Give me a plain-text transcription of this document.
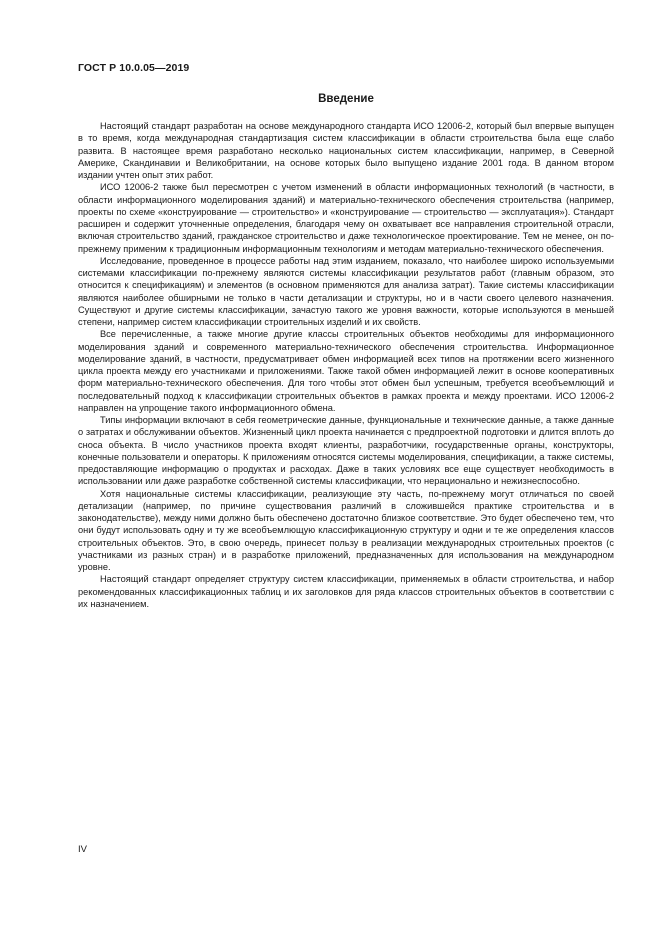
ГОСТ Р 10.0.05—2019
Введение

Настоящий стандарт разработан на основе международного стандарта ИСО 12006-2, который был впервые выпущен в то время, когда международная стандартизация систем классификации в области строительства была еще слабо развита. В настоящее время разработано несколько национальных систем классификации, например, в Северной Америке, Скандинавии и Великобритании, на основе которых было выпущено издание 2001 года. В данном втором издании учтен опыт этих работ.

ИСО 12006-2 также был пересмотрен с учетом изменений в области информационных технологий (в частности, в области информационного моделирования зданий) и материально-технического обеспечения строительства (например, проекты по схеме «конструирование — строительство» и «конструирование — строительство — эксплуатация»). Стандарт расширен и содержит уточненные определения, благодаря чему он охватывает все направления строительной отрасли, включая строительство зданий, гражданское строительство и даже технологическое проектирование. Тем не менее, он по-прежнему применим к традиционным информационным технологиям и методам материально-технического обеспечения.

Исследование, проведенное в процессе работы над этим изданием, показало, что наиболее широко используемыми системами классификации по-прежнему являются системы классификации результатов работ (главным образом, это относится к спецификациям) и элементов (в основном применяются для анализа затрат). Такие системы классификации являются наиболее обширными не только в части детализации и структуры, но и в части своего целевого назначения. Существуют и другие системы классификации, зачастую такого же уровня важности, которые используются в меньшей степени, например систем классификации строительных изделий и их свойств.

Все перечисленные, а также многие другие классы строительных объектов необходимы для информационного моделирования зданий и современного материально-технического обеспечения строительства. Информационное моделирование зданий, в частности, предусматривает обмен информацией всех типов на протяжении всего жизненного цикла проекта между его участниками и приложениями. Также такой обмен информацией лежит в основе кооперативных форм материально-технического обеспечения. Для того чтобы этот обмен был успешным, требуется всеобъемлющий и последовательный подход к классификации строительных объектов в рамках проекта и между проектами. ИСО 12006-2 направлен на упрощение такого информационного обмена.

Типы информации включают в себя геометрические данные, функциональные и технические данные, а также данные о затратах и обслуживании объектов. Жизненный цикл проекта начинается с предпроектной подготовки и длится вплоть до сноса объекта. В число участников проекта входят клиенты, разработчики, государственные органы, конструкторы, конечные пользователи и операторы. К приложениям относятся системы моделирования, спецификации, а также системы, предоставляющие информацию о продуктах и расходах. Даже в таких условиях все еще существует необходимость в использовании или даже разработке собственной системы классификации, что нерационально и нежизнеспособно.

Хотя национальные системы классификации, реализующие эту часть, по-прежнему могут отличаться по своей детализации (например, по причине существования различий в сложившейся практике строительства и в законодательстве), между ними должно быть обеспечено достаточно близкое соответствие. Это будет обеспечено тем, что они будут использовать одну и ту же всеобъемлющую классификационную структуру и одни и те же определения классов строительных объектов. Это, в свою очередь, принесет пользу в реализации международных строительных проектов (с участниками из разных стран) и в разработке приложений, предназначенных для использования на международном уровне.

Настоящий стандарт определяет структуру систем классификации, применяемых в области строительства, и набор рекомендованных классификационных таблиц и их заголовков для ряда классов строительных объектов в соответствии с их назначением.

IV
